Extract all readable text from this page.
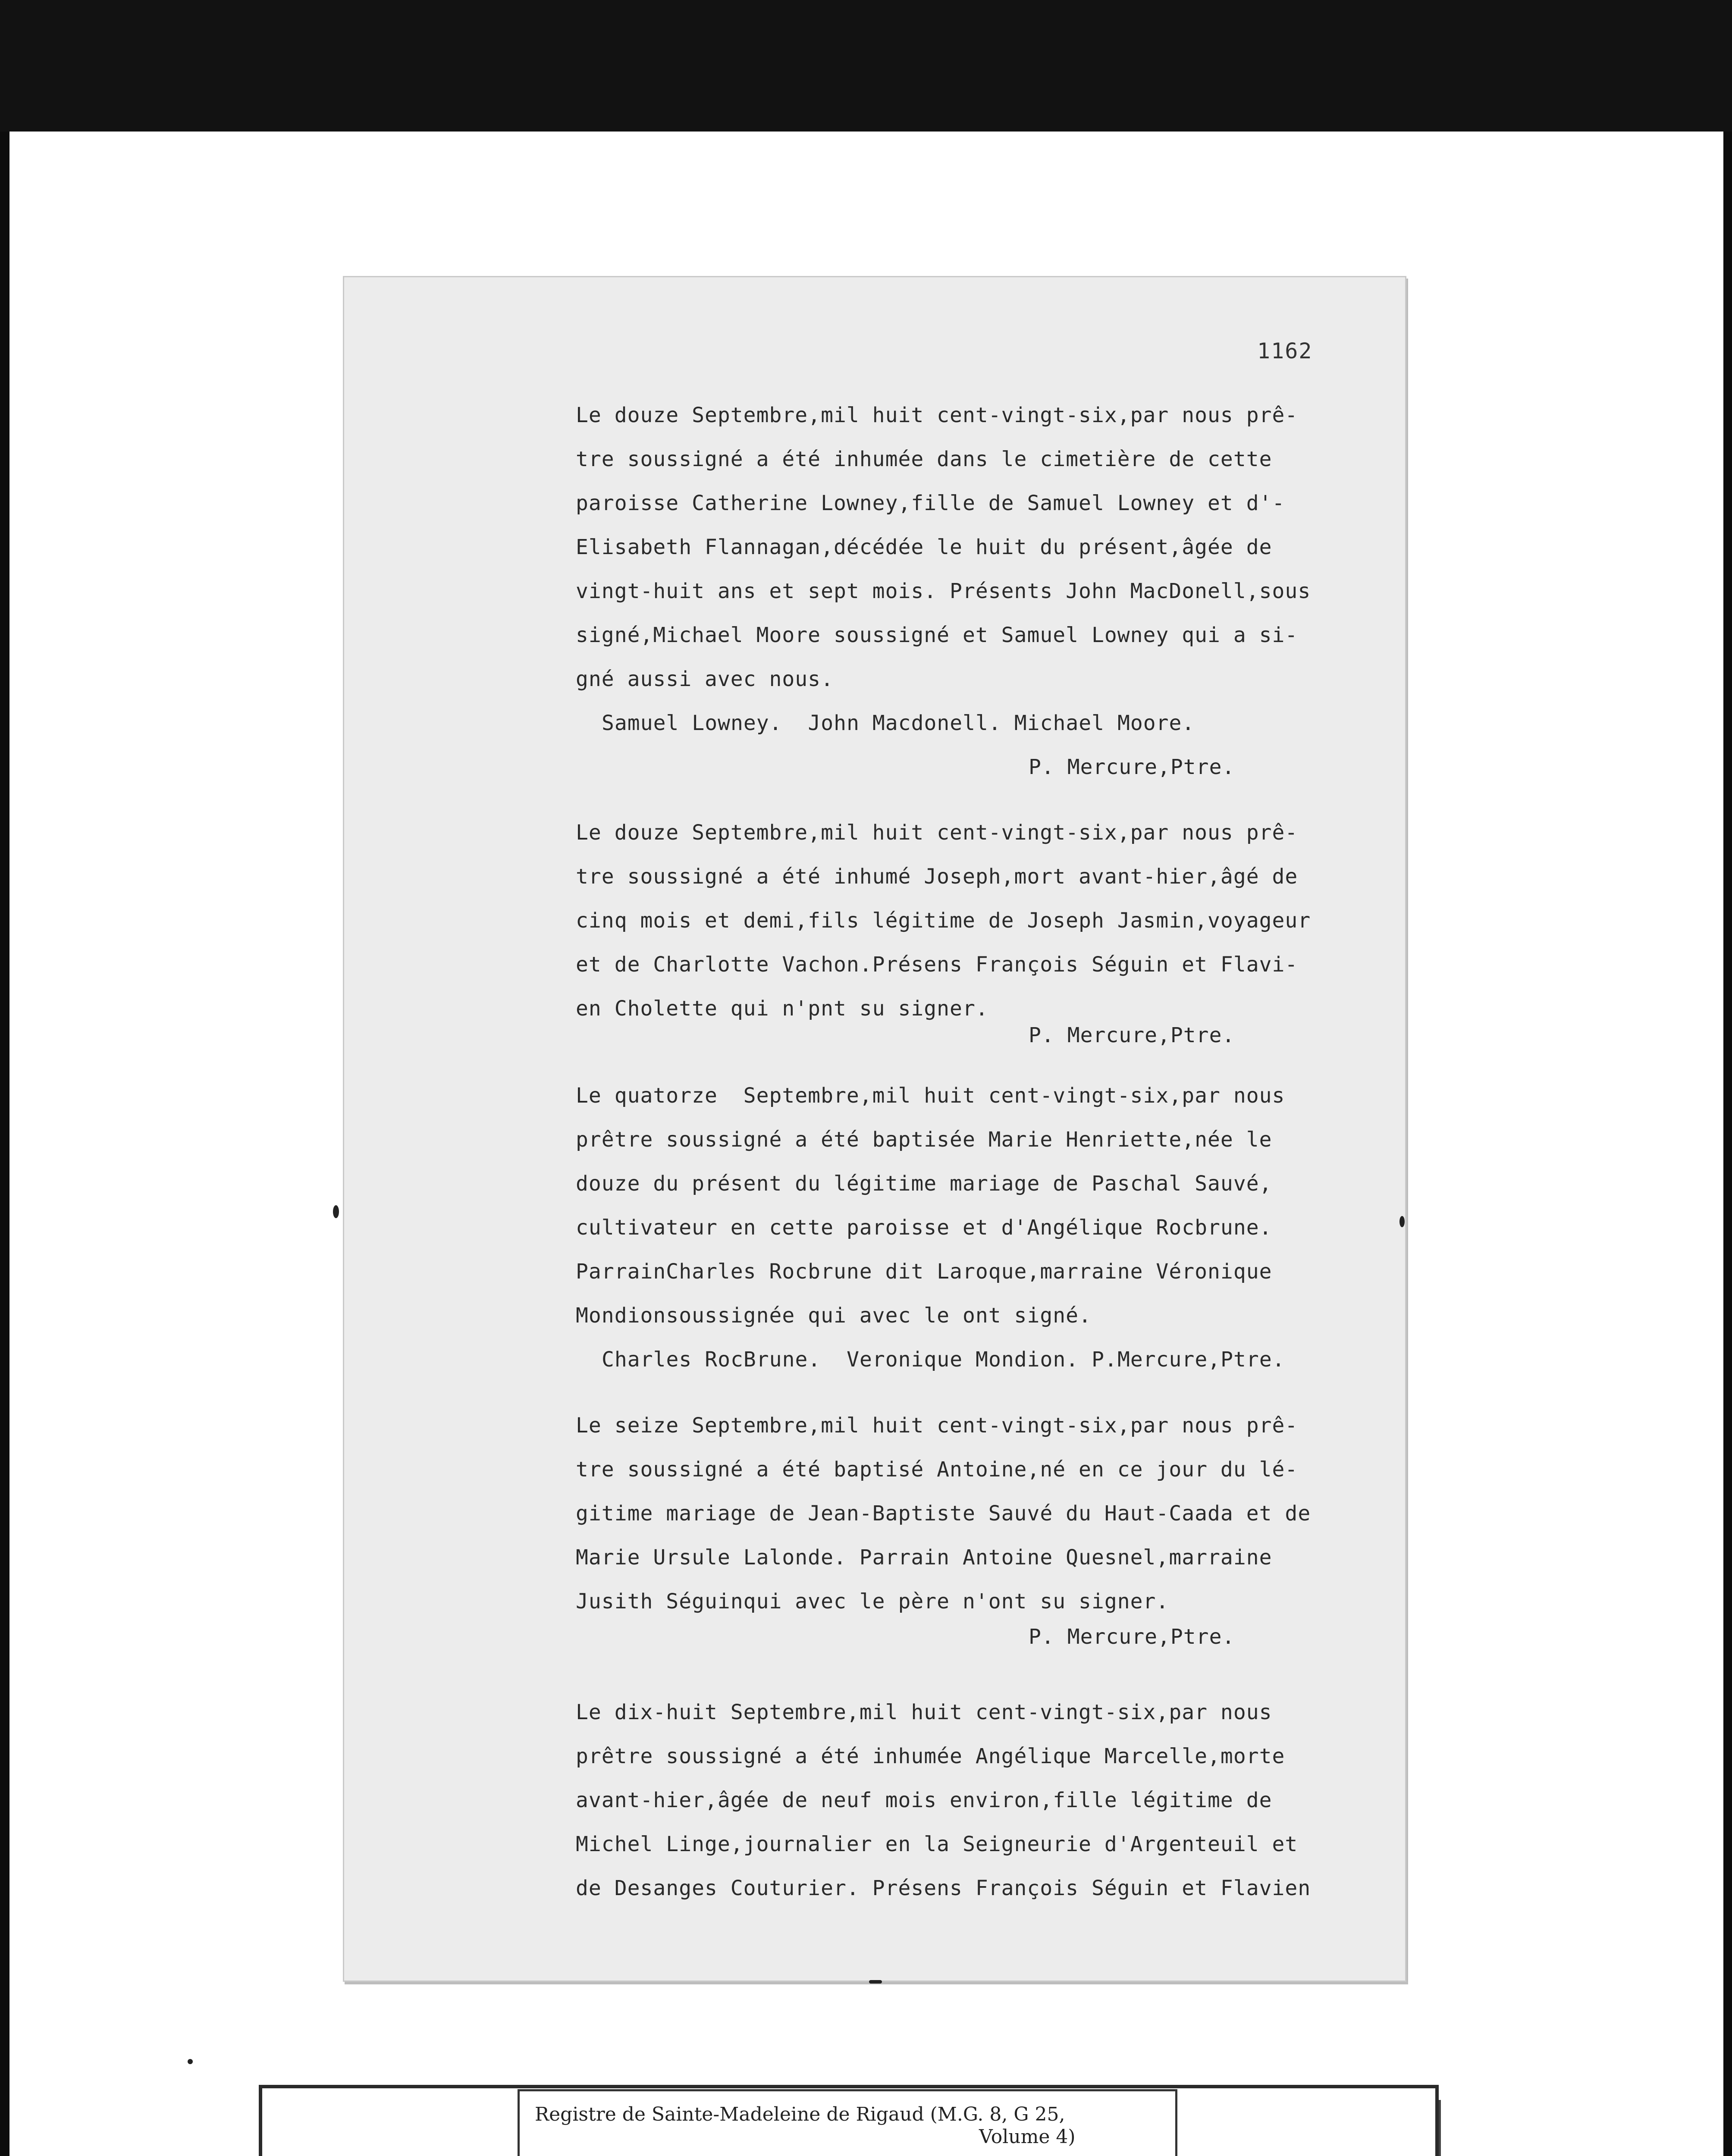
1162
Le douze Septembre,mil huit cent-vingt-six,par nous prê-
tre soussigné a été inhumée dans le cimetière de cette
paroisse Catherine Lowney,fille de Samuel Lowney et d'-
Elisabeth Flannagan,décédée le huit du présent,âgée de
vingt-huit ans et sept mois. Présents John MacDonell,sous
signé,Michael Moore soussigné et Samuel Lowney qui a si-
gné aussi avec nous.
Samuel Lowney.  John Macdonell. Michael Moore.
P. Mercure,Ptre.
Le douze Septembre,mil huit cent-vingt-six,par nous prê-
tre soussigné a été inhumé Joseph,mort avant-hier,âgé de
cinq mois et demi,fils légitime de Joseph Jasmin,voyageur
et de Charlotte Vachon.Présens François Séguin et Flavi-
en Cholette qui n'pnt su signer.
P. Mercure,Ptre.
Le quatorze  Septembre,mil huit cent-vingt-six,par nous
prêtre soussigné a été baptisée Marie Henriette,née le
douze du présent du légitime mariage de Paschal Sauvé,
cultivateur en cette paroisse et d'Angélique Rocbrune.
ParrainCharles Rocbrune dit Laroque,marraine Véronique
Mondionsoussignée qui avec le ont signé.
Charles RocBrune.  Veronique Mondion. P.Mercure,Ptre.
Le seize Septembre,mil huit cent-vingt-six,par nous prê-
tre soussigné a été baptisé Antoine,né en ce jour du lé-
gitime mariage de Jean-Baptiste Sauvé du Haut-Caada et de
Marie Ursule Lalonde. Parrain Antoine Quesnel,marraine
Jusith Séguinqui avec le père n'ont su signer.
P. Mercure,Ptre.
Le dix-huit Septembre,mil huit cent-vingt-six,par nous
prêtre soussigné a été inhumée Angélique Marcelle,morte
avant-hier,âgée de neuf mois environ,fille légitime de
Michel Linge,journalier en la Seigneurie d'Argenteuil et
de Desanges Couturier. Présens François Séguin et Flavien
Registre de Sainte-Madeleine de Rigaud (M.G. 8, G 25,
Volume 4)
